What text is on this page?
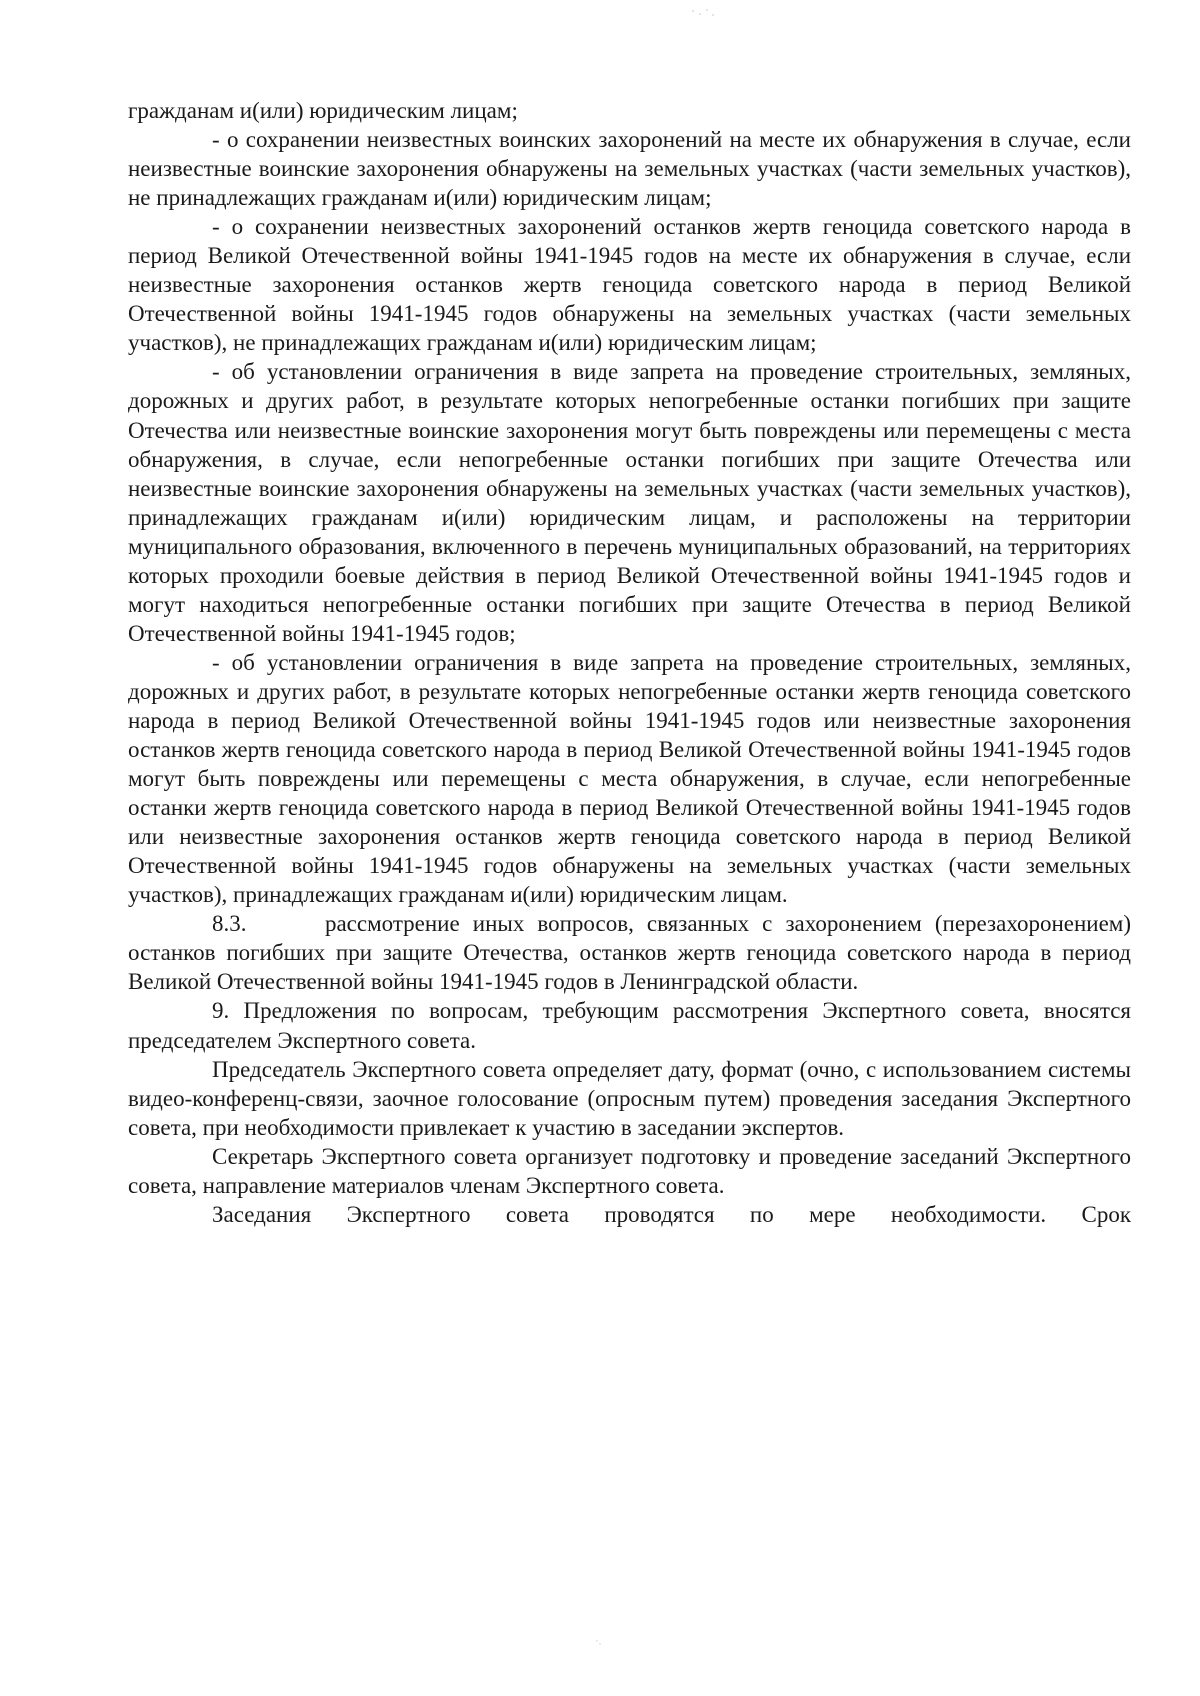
гражданам и(или) юридическим лицам;

- о сохранении неизвестных воинских захоронений на месте их обнаружения в случае, если неизвестные воинские захоронения обнаружены на земельных участках (части земельных участков), не принадлежащих гражданам и(или) юридическим лицам;

- о сохранении неизвестных захоронений останков жертв геноцида советского народа в период Великой Отечественной войны 1941-1945 годов на месте их обнаружения в случае, если неизвестные захоронения останков жертв геноцида советского народа в период Великой Отечественной войны 1941-1945 годов обнаружены на земельных участках (части земельных участков), не принадлежащих гражданам и(или) юридическим лицам;

- об установлении ограничения в виде запрета на проведение строительных, земляных, дорожных и других работ, в результате которых непогребенные останки погибших при защите Отечества или неизвестные воинские захоронения могут быть повреждены или перемещены с места обнаружения, в случае, если непогребенные останки погибших при защите Отечества или неизвестные воинские захоронения обнаружены на земельных участках (части земельных участков), принадлежащих гражданам и(или) юридическим лицам, и расположены на территории муниципального образования, включенного в перечень муниципальных образований, на территориях которых проходили боевые действия в период Великой Отечественной войны 1941-1945 годов и могут находиться непогребенные останки погибших при защите Отечества в период Великой Отечественной войны 1941-1945 годов;

- об установлении ограничения в виде запрета на проведение строительных, земляных, дорожных и других работ, в результате которых непогребенные останки жертв геноцида советского народа в период Великой Отечественной войны 1941-1945 годов или неизвестные захоронения останков жертв геноцида советского народа в период Великой Отечественной войны 1941-1945 годов могут быть повреждены или перемещены с места обнаружения, в случае, если непогребенные останки жертв геноцида советского народа в период Великой Отечественной войны 1941-1945 годов или неизвестные захоронения останков жертв геноцида советского народа в период Великой Отечественной войны 1941-1945 годов обнаружены на земельных участках (части земельных участков), принадлежащих гражданам и(или) юридическим лицам.

8.3.      рассмотрение иных вопросов, связанных с захоронением (перезахоронением) останков погибших при защите Отечества, останков жертв геноцида советского народа в период Великой Отечественной войны 1941-1945 годов в Ленинградской области.

9. Предложения по вопросам, требующим рассмотрения Экспертного совета, вносятся председателем Экспертного совета.

Председатель Экспертного совета определяет дату, формат (очно, с использованием системы видео-конференц-связи, заочное голосование (опросным путем) проведения заседания Экспертного совета, при необходимости привлекает к участию в заседании экспертов.

Секретарь Экспертного совета организует подготовку и проведение заседаний Экспертного совета, направление материалов членам Экспертного совета.

Заседания Экспертного совета проводятся по мере необходимости. Срок
